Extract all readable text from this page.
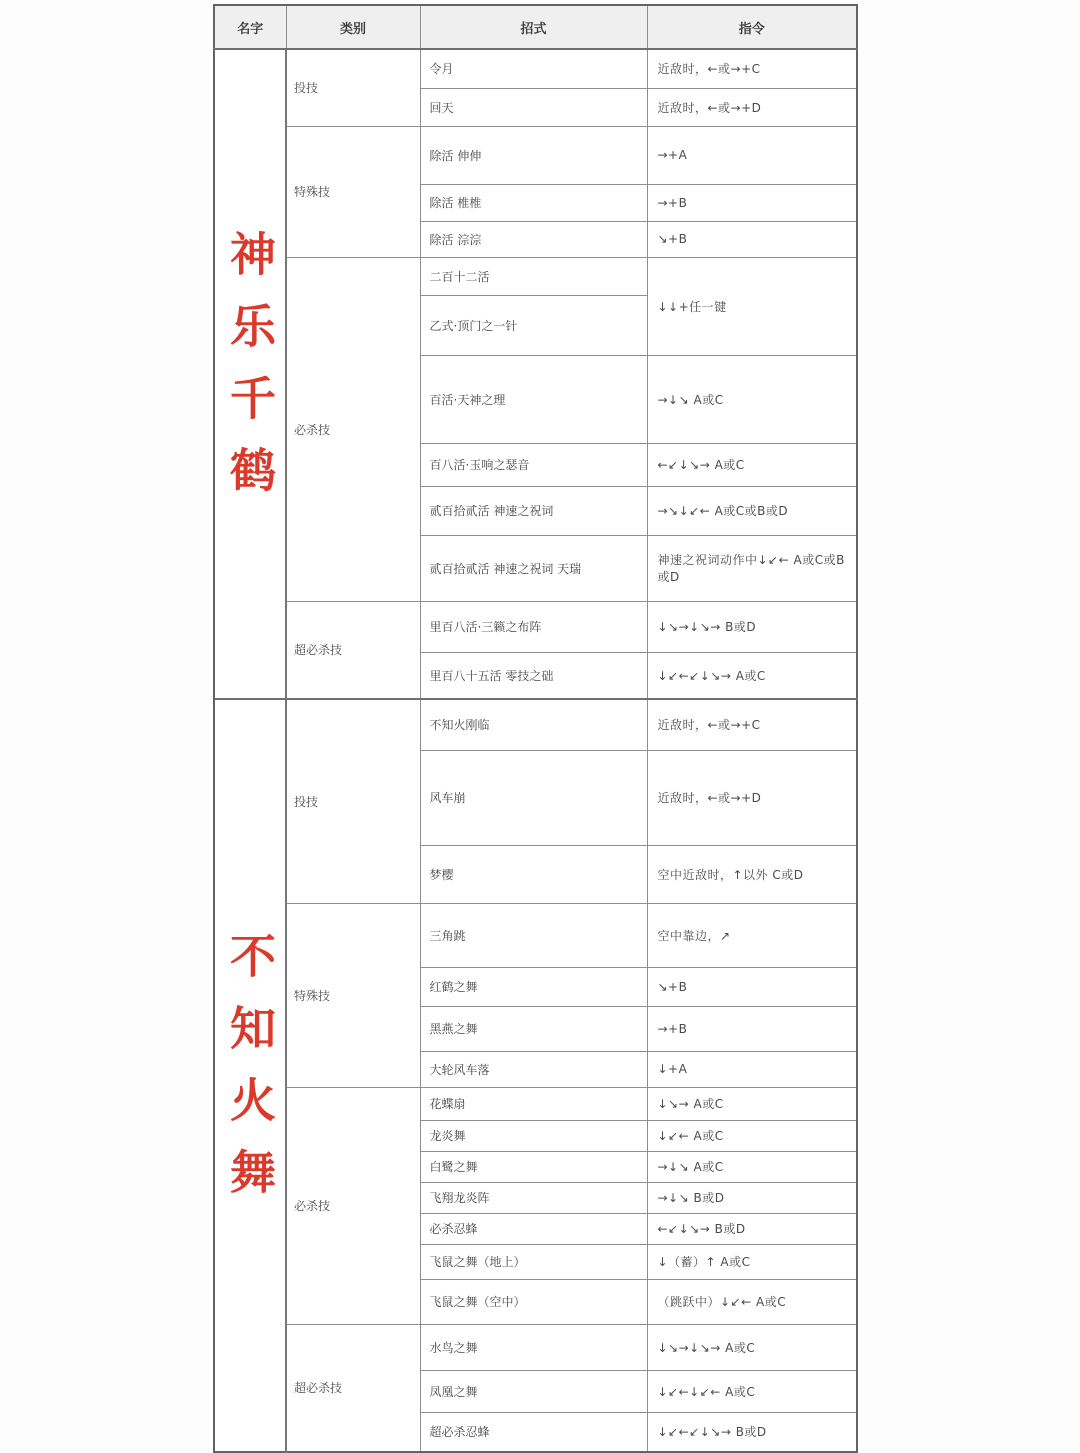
名字	类别	招式	指令

神乐千鹤	投技	令月	近敌时，←或→+C
		回天	近敌时，←或→+D
	特殊技	除活 伸伸	→+A
		除活 椎椎	→+B
		除活 淙淙	↘+B
	必杀技	二百十二活	↓↓+任一键
		乙式·顶门之一针	
		百活·天神之理	→↓↘ A或C
		百八活·玉响之瑟音	←↙↓↘→ A或C
		贰百拾贰活 神速之祝词	→↘↓↙← A或C或B或D
		贰百拾贰活 神速之祝词 天瑞	神速之祝词动作中↓↙← A或C或B或D
	超必杀技	里百八活·三籁之布阵	↓↘→↓↘→ B或D
		里百八十五活 零技之础	↓↙←↙↓↘→ A或C

不知火舞	投技	不知火刚临	近敌时，←或→+C
		风车崩	近敌时，←或→+D
		梦樱	空中近敌时，↑以外 C或D
	特殊技	三角跳	空中靠边，↗
		红鹤之舞	↘+B
		黑燕之舞	→+B
		大轮风车落	↓+A
	必杀技	花蝶扇	↓↘→ A或C
		龙炎舞	↓↙← A或C
		白鹭之舞	→↓↘ A或C
		飞翔龙炎阵	→↓↘ B或D
		必杀忍蜂	←↙↓↘→ B或D
		飞鼠之舞（地上）	↓（蓄）↑ A或C
		飞鼠之舞（空中）	（跳跃中）↓↙← A或C
	超必杀技	水鸟之舞	↓↘→↓↘→ A或C
		凤凰之舞	↓↙←↓↙← A或C
		超必杀忍蜂	↓↙←↙↓↘→ B或D
